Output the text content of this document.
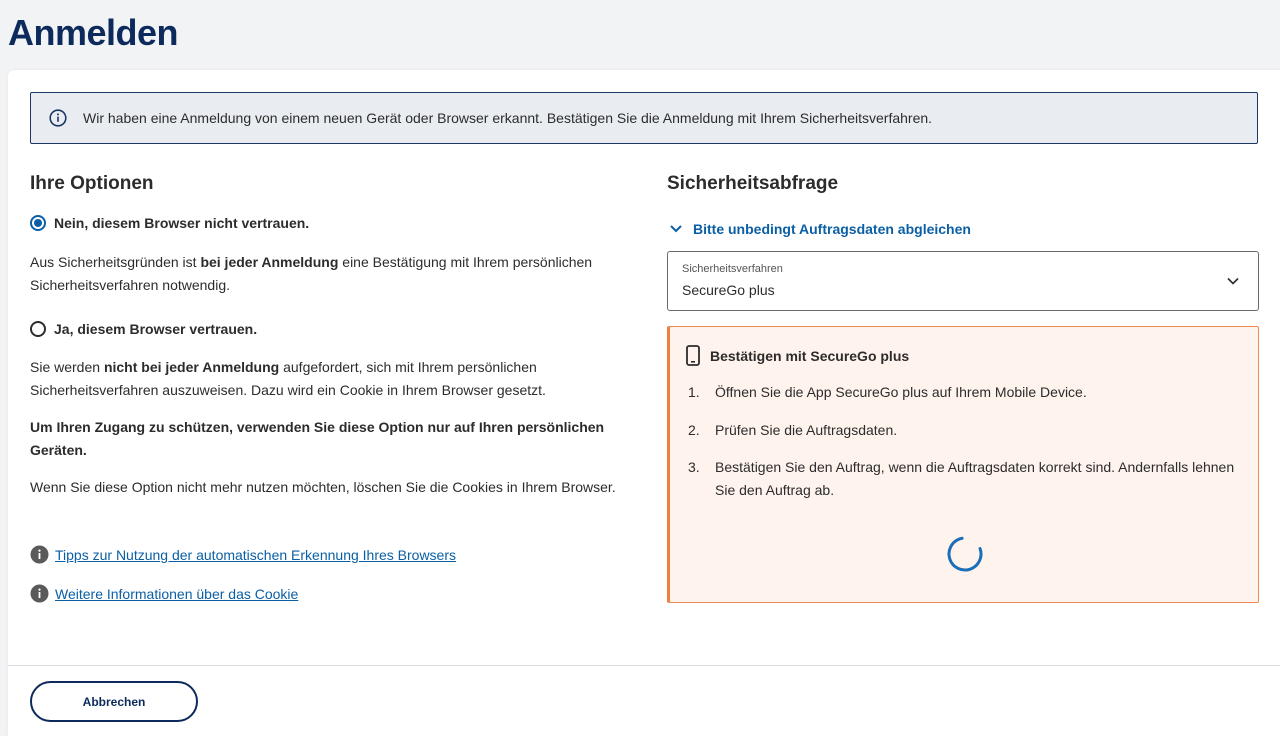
Anmelden
Wir haben eine Anmeldung von einem neuen Gerät oder Browser erkannt. Bestätigen Sie die Anmeldung mit Ihrem Sicherheitsverfahren.
Ihre Optionen
Nein, diesem Browser nicht vertrauen.

Aus Sicherheitsgründen ist bei jeder Anmeldung eine Bestätigung mit Ihrem persönlichen Sicherheitsverfahren notwendig.

Ja, diesem Browser vertrauen.

Sie werden nicht bei jeder Anmeldung aufgefordert, sich mit Ihrem persönlichen Sicherheitsverfahren auszuweisen. Dazu wird ein Cookie in Ihrem Browser gesetzt.

Um Ihren Zugang zu schützen, verwenden Sie diese Option nur auf Ihren persönlichen Geräten.

Wenn Sie diese Option nicht mehr nutzen möchten, löschen Sie die Cookies in Ihrem Browser.

Tipps zur Nutzung der automatischen Erkennung Ihres Browsers
Weitere Informationen über das Cookie
Sicherheitsabfrage
Bitte unbedingt Auftragsdaten abgleichen
Sicherheitsverfahren
SecureGo plus
Bestätigen mit SecureGo plus
1.	Öffnen Sie die App SecureGo plus auf Ihrem Mobile Device.
2.	Prüfen Sie die Auftragsdaten.
3.	Bestätigen Sie den Auftrag, wenn die Auftragsdaten korrekt sind. Andernfalls lehnen Sie den Auftrag ab.
Abbrechen
